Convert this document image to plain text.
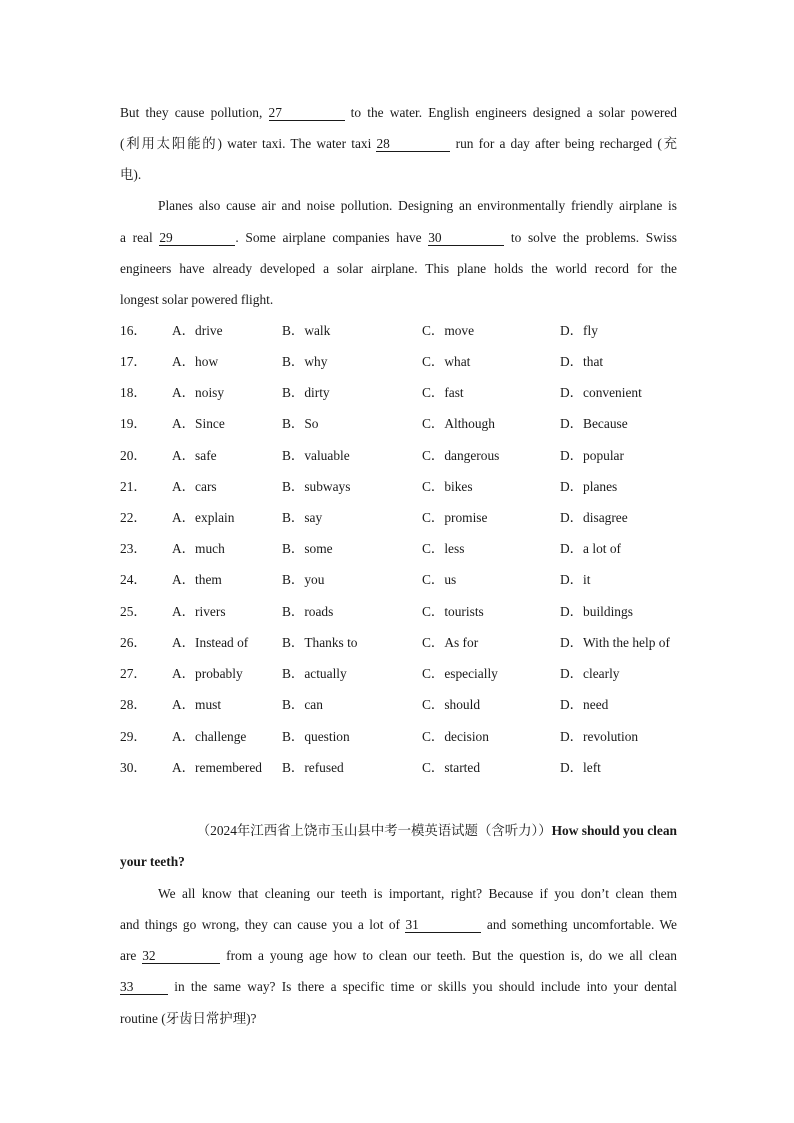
But they cause pollution, 27	to the water. English engineers designed a solar powered
(利用太阳能的) water taxi. The water taxi 28	run for a day after being recharged (充
电).
Planes also cause air and noise pollution. Designing an environmentally friendly airplane is
a real 29	. Some airplane companies have 30	to solve the problems. Swiss
engineers have already developed a solar airplane. This plane holds the world record for the
longest solar powered flight.
16． A．drive	B．walk	C．move	D．fly
17． A．how	B．why	C．what	D．that
18． A．noisy	B．dirty	C．fast	D．convenient
19． A．Since	B．So	C．Although	D．Because
20． A．safe	B．valuable	C．dangerous	D．popular
21． A．cars	B．subways	C．bikes	D．planes
22． A．explain	B．say	C．promise	D．disagree
23． A．much	B．some	C．less	D．a lot of
24． A．them	B．you	C．us	D．it
25． A．rivers	B．roads	C．tourists	D．buildings
26． A．Instead of	B．Thanks to	C．As for	D．With the help of
27． A．probably	B．actually	C．especially	D．clearly
28． A．must	B．can	C．should	D．need
29． A．challenge	B．question	C．decision	D．revolution
30． A．remembered B．refused	C．started	D．left
（2024年江西省上饶市玉山县中考一模英语试题（含听力））How should you clean
your teeth?
We all know that cleaning our teeth is important, right? Because if you don’t clean them
and things go wrong, they can cause you a lot of 31	and something uncomfortable. We
are 32	from a young age how to clean our teeth. But the question is, do we all clean
33	in the same way? Is there a specific time or skills you should include into your dental
routine (牙齿日常护理)?
